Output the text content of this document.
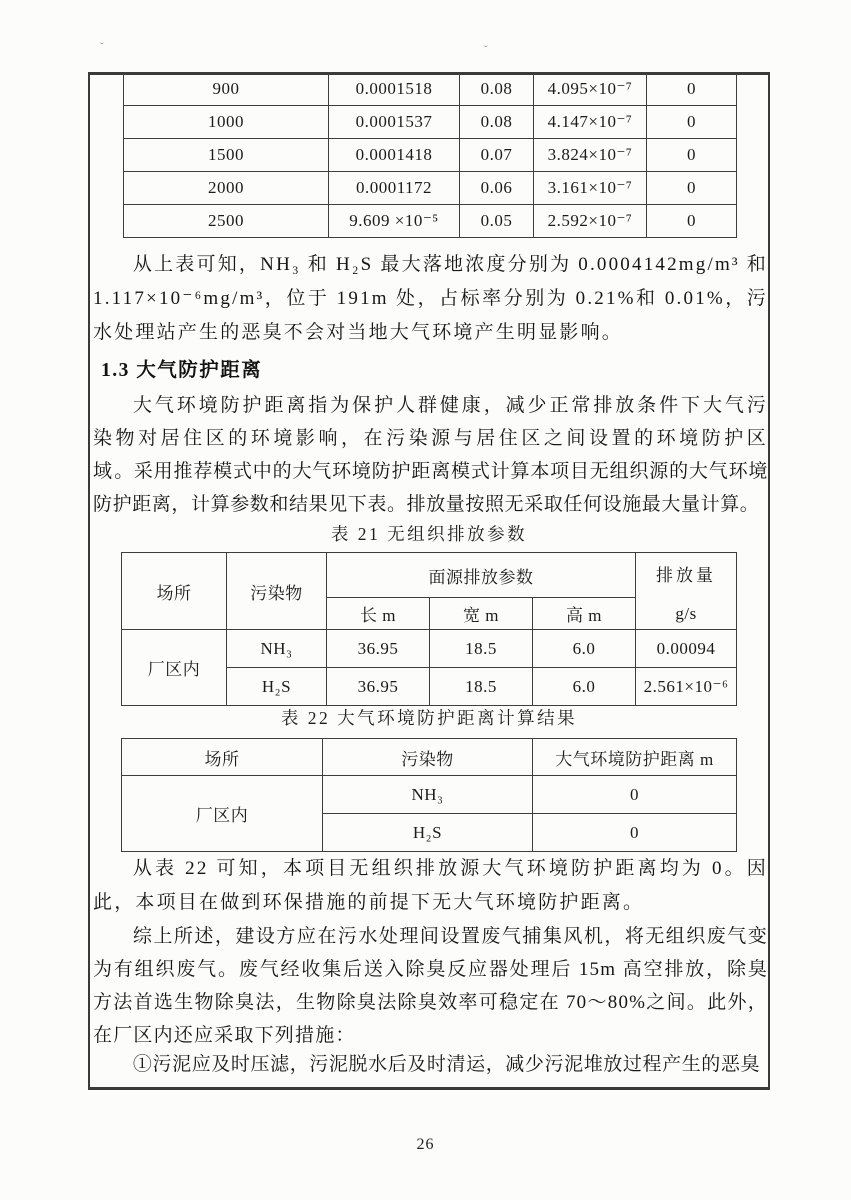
ˇ	ˇ
900	0.0001518	0.08	4.095×10⁻⁷	0
1000	0.0001537	0.08	4.147×10⁻⁷	0
1500	0.0001418	0.07	3.824×10⁻⁷	0
2000	0.0001172	0.06	3.161×10⁻⁷	0
2500	9.609 ×10⁻⁵	0.05	2.592×10⁻⁷	0
从上表可知，NH₃ 和 H₂S 最大落地浓度分别为 0.0004142mg/m³ 和 1.117×10⁻⁶mg/m³，位于 191m 处，占标率分别为 0.21%和 0.01%，污水处理站产生的恶臭不会对当地大气环境产生明显影响。
1.3 大气防护距离
大气环境防护距离指为保护人群健康，减少正常排放条件下大气污染物对居住区的环境影响，在污染源与居住区之间设置的环境防护区域。
采用推荐模式中的大气环境防护距离模式计算本项目无组织源的大气环境防护距离，计算参数和结果见下表。排放量按照无采取任何设施最大量计算。
表 21 无组织排放参数
场所	污染物	面源排放参数			排放量
g/s

		长 m	宽 m	高 m	
厂区内	NH₃	36.95	18.5	6.0	0.00094
	H₂S	36.95	18.5	6.0	2.561×10⁻⁶
表 22 大气环境防护距离计算结果
场所	污染物	大气环境防护距离 m
厂区内	NH₃	0
	H₂S	0
从表 22 可知，本项目无组织排放源大气环境防护距离均为 0。因此，本项目在做到环保措施的前提下无大气环境防护距离。
综上所述，建设方应在污水处理间设置废气捕集风机，将无组织废气变为有组织废气。废气经收集后送入除臭反应器处理后 15m 高空排放，除臭方法首选生物除臭法，生物除臭法除臭效率可稳定在 70～80%之间。此外，在厂区内还应采取下列措施：
①污泥应及时压滤，污泥脱水后及时清运，减少污泥堆放过程产生的恶臭
26
